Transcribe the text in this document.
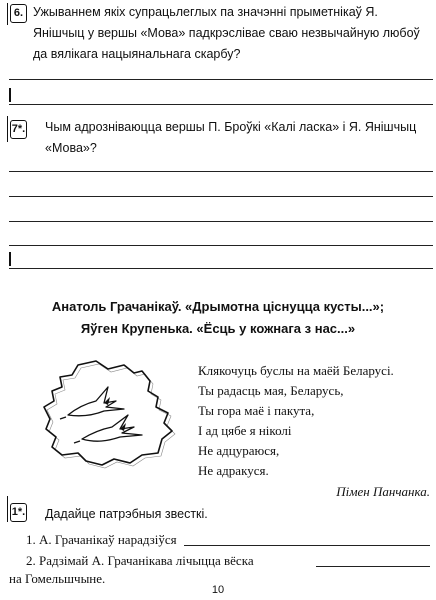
6. Ужываннем якіх супрацьлеглых па значэнні прыметнікаў Я. Янішчыц у вершы «Мова» падкрэслівае сваю незвычайную любоў да вялікага нацыянальнага скарбу?
7*. Чым адрозніваюцца вершы П. Броўкі «Калі ласка» і Я. Янішчыц «Мова»?
Анатоль Грачанікаў. «Дрымотна цiснуцца кусты...»;
Яўген Крупенька. «Ёсць у кожнага з нас...»
Клякочуць буслы на маёй Беларусі.
Ты радасць мая, Беларусь,
Ты гора маё і пакута,
І ад цябе я ніколі
Не адцураюся,
Не адракуся.
Пімен Панчанка.
1*. Дадайце патрэбныя звесткі.
1. А. Грачанікаў нарадзіўся
2. Радзімай А. Грачанікава лічыцца вёска
на Гомельшчыне.
10
